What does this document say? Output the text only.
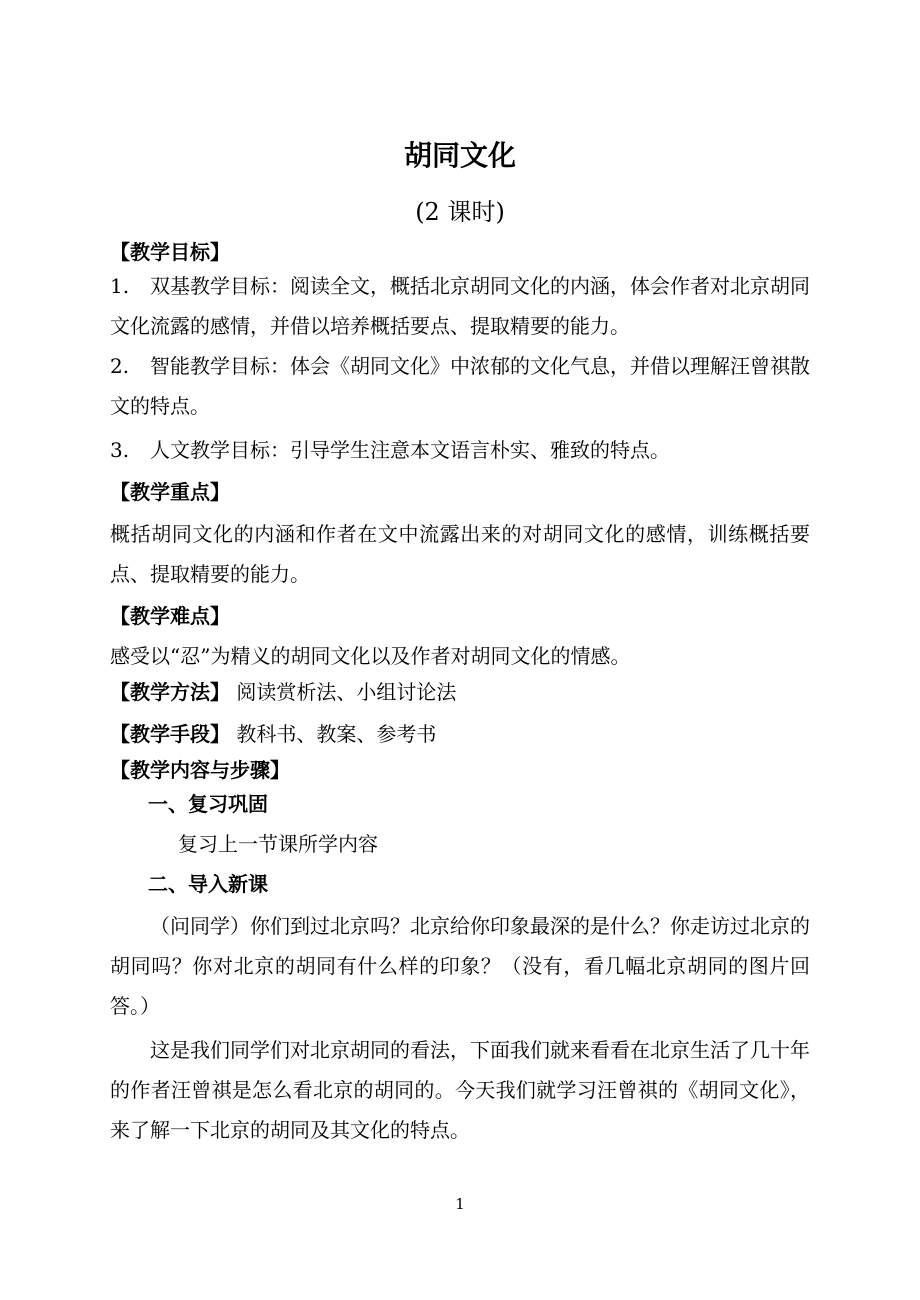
胡同文化
(2 课时)
【教学目标】
1. 双基教学目标：阅读全文，概括北京胡同文化的内涵，体会作者对北京胡同文化流露的感情，并借以培养概括要点、提取精要的能力。
2. 智能教学目标：体会《胡同文化》中浓郁的文化气息，并借以理解汪曾祺散文的特点。
3. 人文教学目标：引导学生注意本文语言朴实、雅致的特点。
【教学重点】
概括胡同文化的内涵和作者在文中流露出来的对胡同文化的感情，训练概括要点、提取精要的能力。
【教学难点】
感受以“忍”为精义的胡同文化以及作者对胡同文化的情感。
【教学方法】 阅读赏析法、小组讨论法
【教学手段】 教科书、教案、参考书
【教学内容与步骤】
一、复习巩固
复习上一节课所学内容
二、导入新课
（问同学）你们到过北京吗？北京给你印象最深的是什么？你走访过北京的胡同吗？你对北京的胡同有什么样的印象？（没有，看几幅北京胡同的图片回答。）
这是我们同学们对北京胡同的看法，下面我们就来看看在北京生活了几十年的作者汪曾祺是怎么看北京的胡同的。今天我们就学习汪曾祺的《胡同文化》，来了解一下北京的胡同及其文化的特点。
1
